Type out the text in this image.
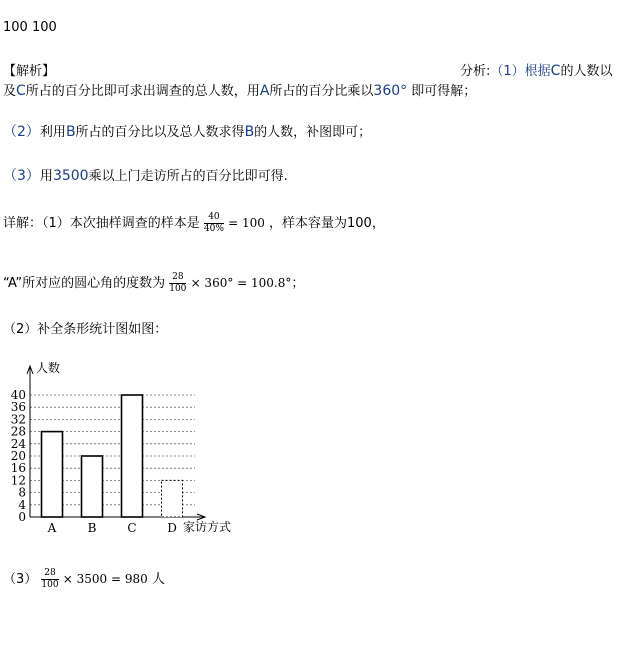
100 100
【解析】	分析:（1）根据C的人数以
及C所占的百分比即可求出调查的总人数，用A所占的百分比乘以360° 即可得解；
（2）利用B所占的百分比以及总人数求得B的人数，补图即可；
（3）用3500乘以上门走访所占的百分比即可得.
详解：（1）本次抽样调查的样本是 $\frac{40}{40\%} = 100$ ，样本容量为100，
“A”所对应的圆心角的度数为 $\frac{28}{100} \times 360^\circ = 100.8^\circ$；
（2）补全条形统计图如图：
0
4
8
12
16
20
24
28
32
36
40
人数
家访方式
A	B	C	D
$(3) \frac{28}{100} \times 3500 = 980$ 人
